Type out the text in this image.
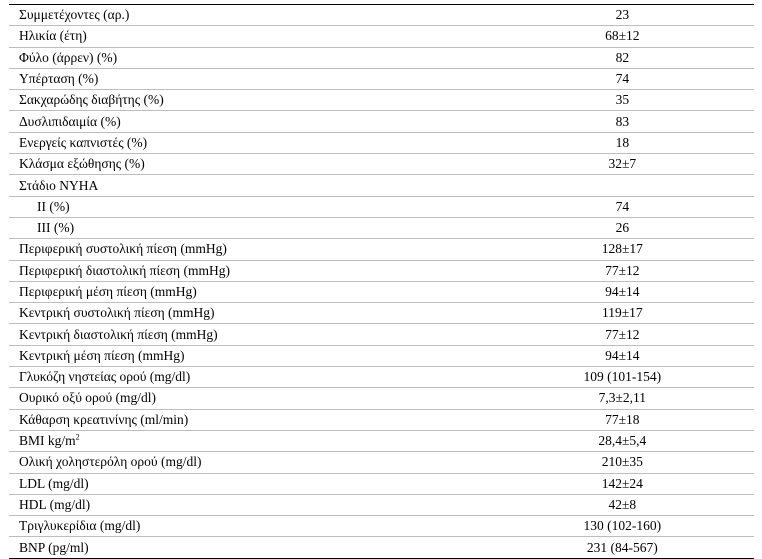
Συμμετέχοντες (αρ.)	23
Ηλικία (έτη)	68±12
Φύλο (άρρεν) (%)	82
Υπέρταση (%)	74
Σακχαρώδης διαβήτης (%)	35
Δυσλιπιδαιμία (%)	83
Ενεργείς καπνιστές (%)	18
Κλάσμα εξώθησης (%)	32±7
Στάδιο NYHA	
II (%)	74
III (%)	26
Περιφερική συστολική πίεση (mmHg)	128±17
Περιφερική διαστολική πίεση (mmHg)	77±12
Περιφερική μέση πίεση (mmHg)	94±14
Κεντρική συστολική πίεση (mmHg)	119±17
Κεντρική διαστολική πίεση (mmHg)	77±12
Κεντρική μέση πίεση (mmHg)	94±14
Γλυκόζη νηστείας ορού (mg/dl)	109 (101-154)
Ουρικό οξύ ορού (mg/dl)	7,3±2,11
Κάθαρση κρεατινίνης (ml/min)	77±18
BMI $kg/m^2$	28,4±5,4
Ολική χοληστερόλη ορού (mg/dl)	210±35
LDL (mg/dl)	142±24
HDL (mg/dl)	42±8
Τριγλυκερίδια (mg/dl)	130 (102-160)
BNP (pg/ml)	231 (84-567)
